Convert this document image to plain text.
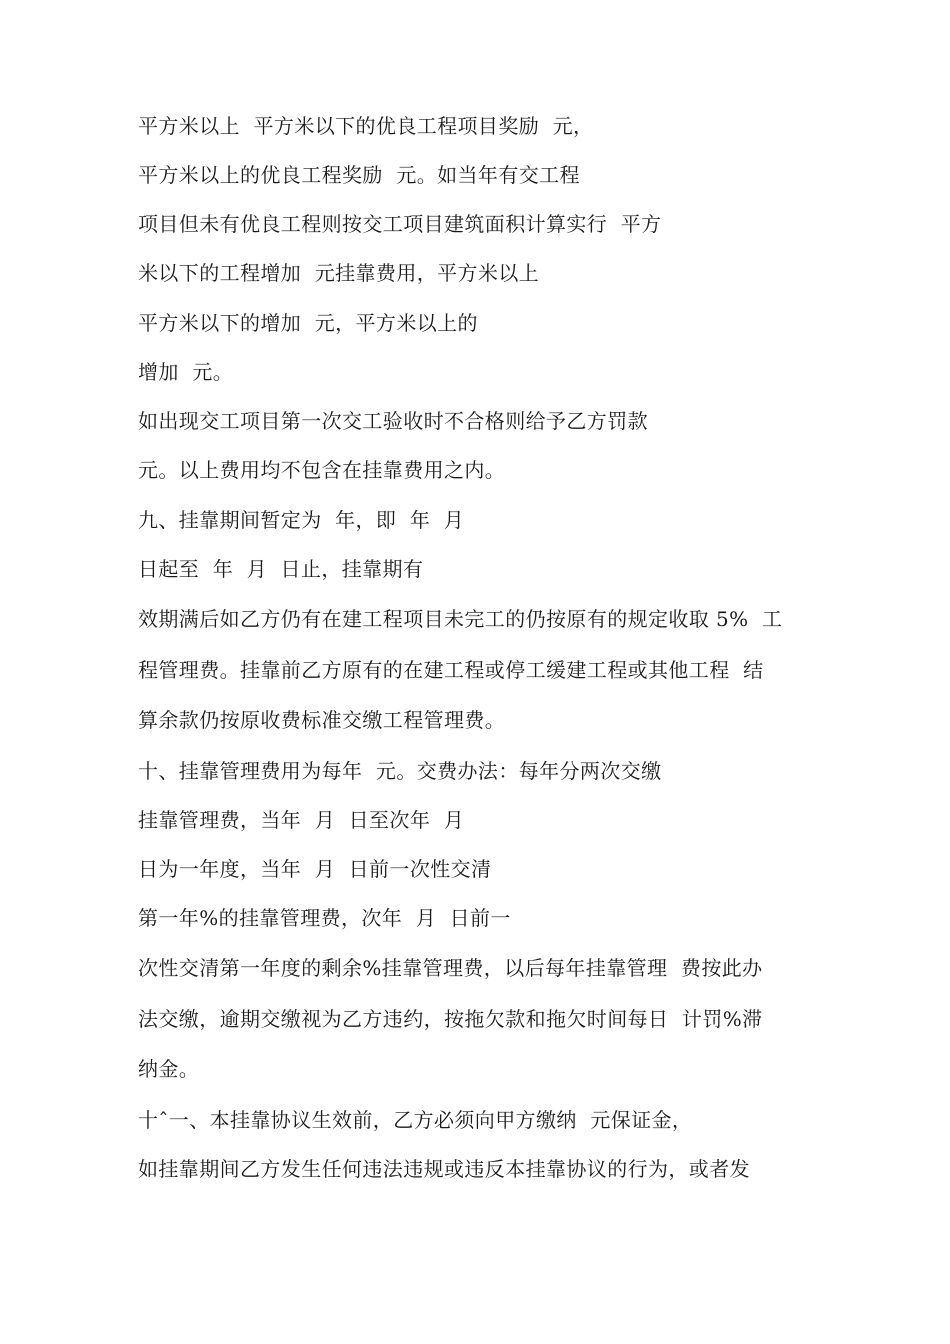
平方米以上  平方米以下的优良工程项目奖励  元，

平方米以上的优良工程奖励  元。如当年有交工程

项目但未有优良工程则按交工项目建筑面积计算实行  平方

米以下的工程增加  元挂靠费用，平方米以上

平方米以下的增加  元，平方米以上的

增加  元。

如出现交工项目第一次交工验收时不合格则给予乙方罚款

元。以上费用均不包含在挂靠费用之内。

九、挂靠期间暂定为  年，即  年  月

日起至  年  月  日止，挂靠期有

效期满后如乙方仍有在建工程项目未完工的仍按原有的规定收取 5%  工

程管理费。挂靠前乙方原有的在建工程或停工缓建工程或其他工程  结

算余款仍按原收费标准交缴工程管理费。

十、挂靠管理费用为每年  元。交费办法：每年分两次交缴

挂靠管理费，当年  月  日至次年  月

日为一年度，当年  月  日前一次性交清

第一年%的挂靠管理费，次年  月  日前一

次性交清第一年度的剩余%挂靠管理费，以后每年挂靠管理  费按此办

法交缴，逾期交缴视为乙方违约，按拖欠款和拖欠时间每日  计罚%滞

纳金。

十ˆ一、本挂靠协议生效前，乙方必须向甲方缴纳  元保证金，

如挂靠期间乙方发生任何违法违规或违反本挂靠协议的行为，或者发
